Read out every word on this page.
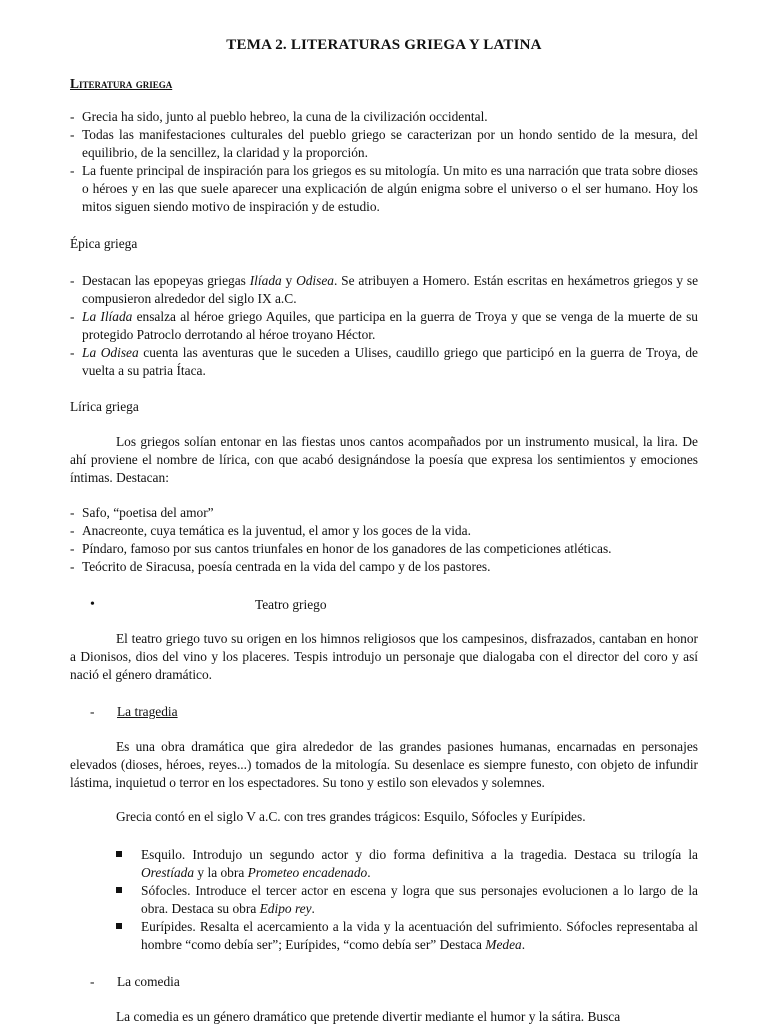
TEMA 2. LITERATURAS GRIEGA Y LATINA
Literatura griega
- Grecia ha sido, junto al pueblo hebreo, la cuna de la civilización occidental.
- Todas las manifestaciones culturales del pueblo griego se caracterizan por un hondo sentido de la mesura, del equilibrio, de la sencillez, la claridad y la proporción.
- La fuente principal de inspiración para los griegos es su mitología. Un mito es una narración que trata sobre dioses o héroes y en las que suele aparecer una explicación de algún enigma sobre el universo o el ser humano. Hoy los mitos siguen siendo motivo de inspiración y de estudio.
Épica griega
- Destacan las epopeyas griegas Ilíada y Odisea. Se atribuyen a Homero. Están escritas en hexámetros griegos y se compusieron alrededor del siglo IX a.C.
- La Ilíada ensalza al héroe griego Aquiles, que participa en la guerra de Troya y que se venga de la muerte de su protegido Patroclo derrotando al héroe troyano Héctor.
- La Odisea cuenta las aventuras que le suceden a Ulises, caudillo griego que participó en la guerra de Troya, de vuelta a su patria Ítaca.
Lírica griega
Los griegos solían entonar en las fiestas unos cantos acompañados por un instrumento musical, la lira. De ahí proviene el nombre de lírica, con que acabó designándose la poesía que expresa los sentimientos y emociones íntimas. Destacan:
- Safo, “poetisa del amor”
- Anacreonte, cuya temática es la juventud, el amor y los goces de la vida.
- Píndaro, famoso por sus cantos triunfales en honor de los ganadores de las competiciones atléticas.
- Teócrito de Siracusa, poesía centrada en la vida del campo y de los pastores.
•	Teatro griego
El teatro griego tuvo su origen en los himnos religiosos que los campesinos, disfrazados, cantaban en honor a Dionisos, dios del vino y los placeres. Tespis introdujo un personaje que dialogaba con el director del coro y así nació el género dramático.
- La tragedia
Es una obra dramática que gira alrededor de las grandes pasiones humanas, encarnadas en personajes elevados (dioses, héroes, reyes...) tomados de la mitología. Su desenlace es siempre funesto, con objeto de infundir lástima, inquietud o terror en los espectadores. Su tono y estilo son elevados y solemnes.
Grecia contó en el siglo V a.C. con tres grandes trágicos: Esquilo, Sófocles y Eurípides.
Esquilo. Introdujo un segundo actor y dio forma definitiva a la tragedia. Destaca su trilogía la Orestíada y la obra Prometeo encadenado.
Sófocles. Introduce el tercer actor en escena y logra que sus personajes evolucionen a lo largo de la obra. Destaca su obra Edipo rey.
Eurípides. Resalta el acercamiento a la vida y la acentuación del sufrimiento. Sófocles representaba al hombre “como debía ser”; Eurípides, “como debía ser” Destaca Medea.
- La comedia
La comedia es un género dramático que pretende divertir mediante el humor y la sátira. Busca
